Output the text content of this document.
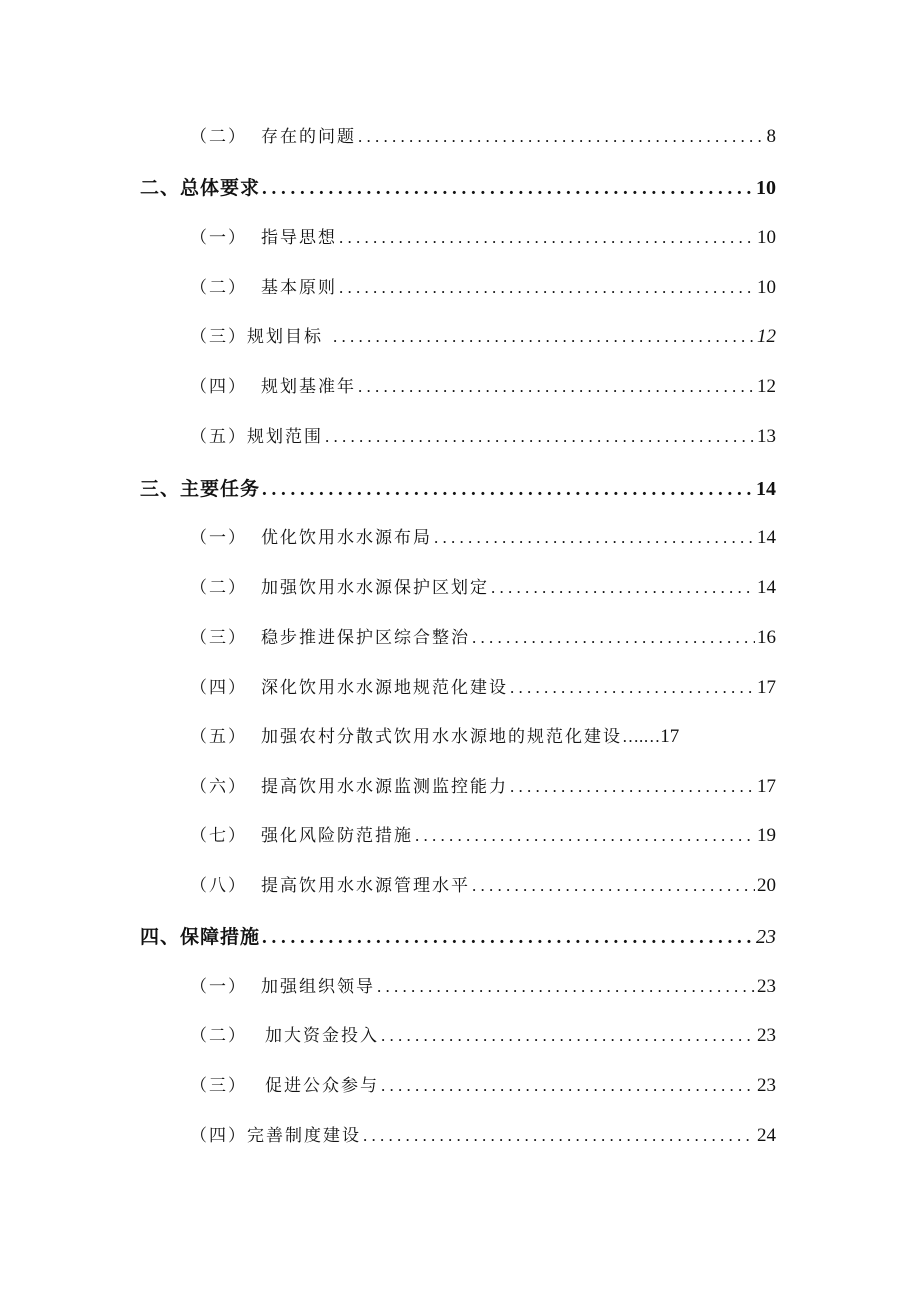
（二） 存在的问题 . . .	8
二、 总体要求 . . .	10
（一） 指导思想 . . .	10
（二） 基本原则 . . .	10
（三） 规划目标 . . .	12
（四） 规划基准年 . . .	12
（五） 规划范围 . . .	13
三、 主要任务 . . .	14
（一） 优化饮用水水源布局 . . .	14
（二） 加强饮用水水源保护区划定 . . .	14
（三） 稳步推进保护区综合整治 . . .	16
（四） 深化饮用水水源地规范化建设 . . .	17
（五） 加强农村分散式饮用水水源地的规范化建设 ….… 17
（六） 提高饮用水水源监测监控能力 . . .	17
（七） 强化风险防范措施 . . .	19
（八） 提高饮用水水源管理水平 . . .	20
四、 保障措施 . . .	23
（一） 加强组织领导 . . .	23
（二） 加大资金投入 . . .	23
（三） 促进公众参与 . . .	23
（四） 完善制度建设 . . .	24
